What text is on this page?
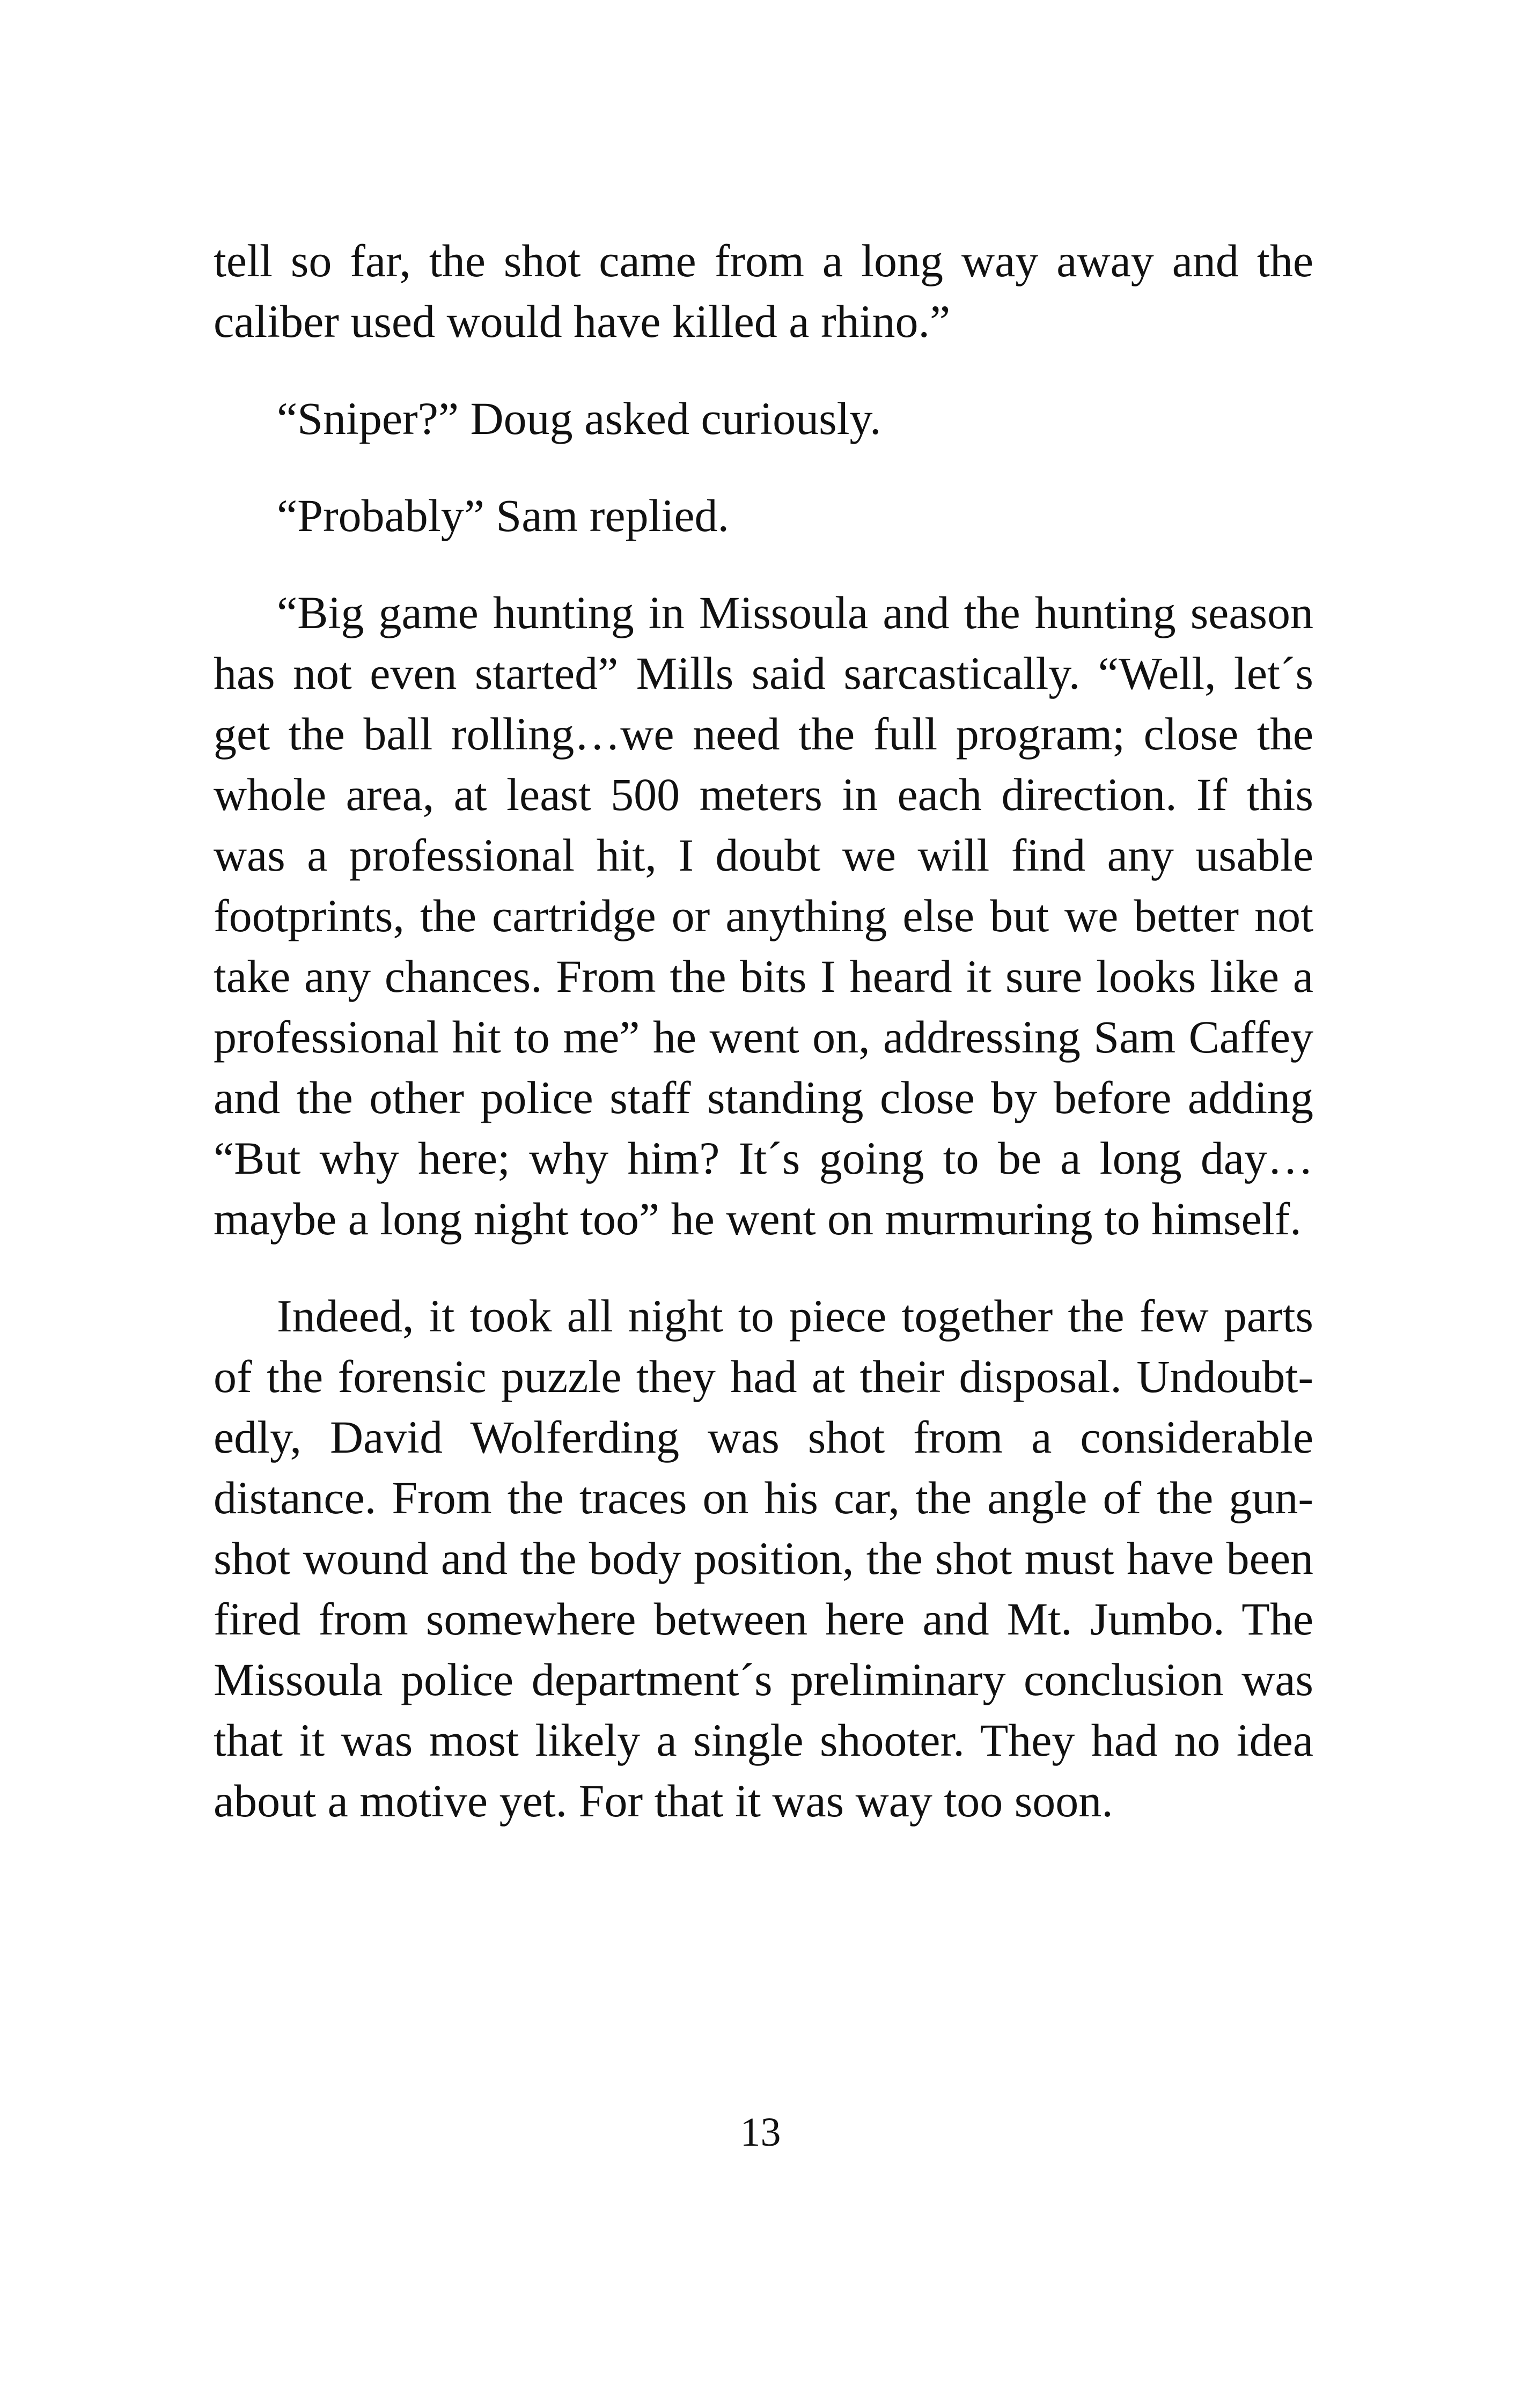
tell so far, the shot came from a long way away and the caliber used would have killed a rhino.”

“Sniper?” Doug asked curiously.

“Probably” Sam replied.

“Big game hunting in Missoula and the hunting season has not even started” Mills said sarcastically. “Well, let´s get the ball rolling…we need the full program; close the whole area, at least 500 meters in each direction. If this was a professional hit, I doubt we will find any usable footprints, the cartridge or anything else but we better not take any chances. From the bits I heard it sure looks like a professional hit to me” he went on, addressing Sam Caffey and the other police staff standing close by before adding “But why here; why him? It´s going to be a long day…maybe a long night too” he went on murmuring to himself.

Indeed, it took all night to piece together the few parts of the forensic puzzle they had at their disposal. Undoubtedly, David Wolferding was shot from a considerable distance. From the traces on his car, the angle of the gunshot wound and the body position, the shot must have been fired from somewhere between here and Mt. Jumbo. The Missoula police department´s preliminary conclusion was that it was most likely a single shooter. They had no idea about a motive yet. For that it was way too soon.

13
